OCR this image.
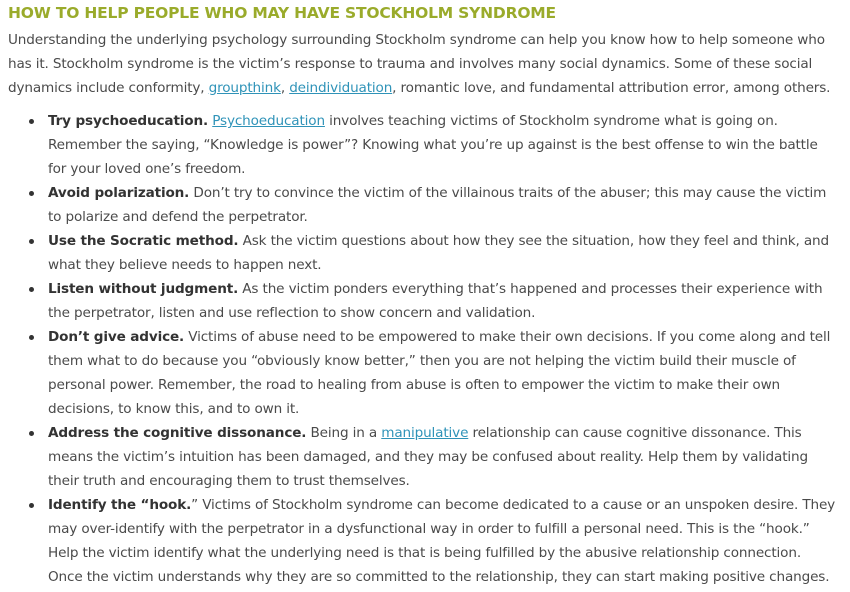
HOW TO HELP PEOPLE WHO MAY HAVE STOCKHOLM SYNDROME

Understanding the underlying psychology surrounding Stockholm syndrome can help you know how to help someone who has it. Stockholm syndrome is the victim’s response to trauma and involves many social dynamics. Some of these social dynamics include conformity, groupthink, deindividuation, romantic love, and fundamental attribution error, among others.

Try psychoeducation. Psychoeducation involves teaching victims of Stockholm syndrome what is going on. Remember the saying, “Knowledge is power”? Knowing what you’re up against is the best offense to win the battle for your loved one’s freedom.
Avoid polarization. Don’t try to convince the victim of the villainous traits of the abuser; this may cause the victim to polarize and defend the perpetrator.
Use the Socratic method. Ask the victim questions about how they see the situation, how they feel and think, and what they believe needs to happen next.
Listen without judgment. As the victim ponders everything that’s happened and processes their experience with the perpetrator, listen and use reflection to show concern and validation.
Don’t give advice. Victims of abuse need to be empowered to make their own decisions. If you come along and tell them what to do because you “obviously know better,” then you are not helping the victim build their muscle of personal power. Remember, the road to healing from abuse is often to empower the victim to make their own decisions, to know this, and to own it.
Address the cognitive dissonance. Being in a manipulative relationship can cause cognitive dissonance. This means the victim’s intuition has been damaged, and they may be confused about reality. Help them by validating their truth and encouraging them to trust themselves.
Identify the “hook.” Victims of Stockholm syndrome can become dedicated to a cause or an unspoken desire. They may over-identify with the perpetrator in a dysfunctional way in order to fulfill a personal need. This is the “hook.” Help the victim identify what the underlying need is that is being fulfilled by the abusive relationship connection. Once the victim understands why they are so committed to the relationship, they can start making positive changes.
